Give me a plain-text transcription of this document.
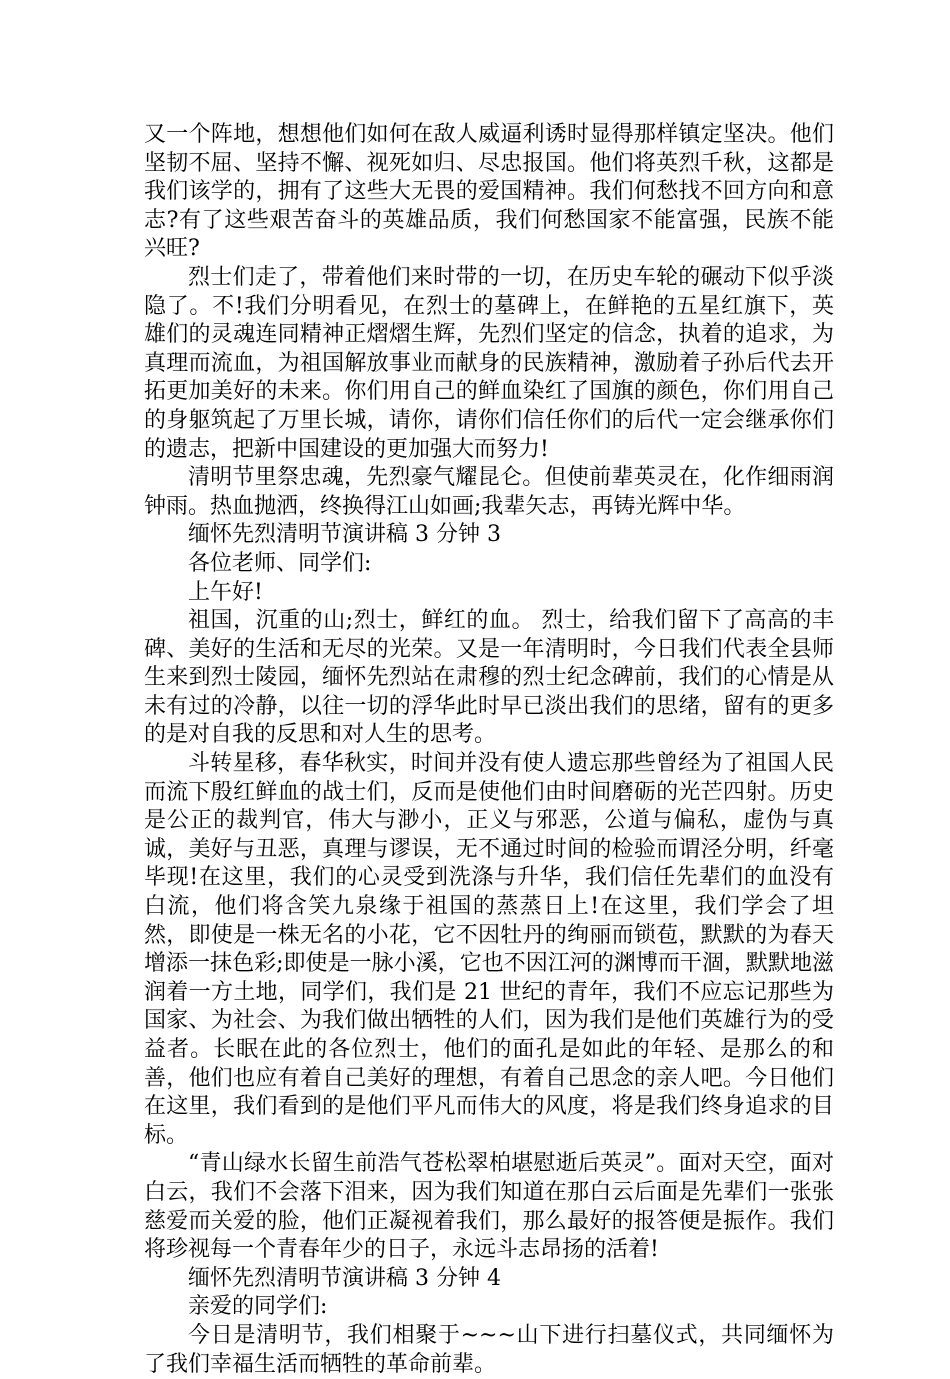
又一个阵地，想想他们如何在敌人威逼利诱时显得那样镇定坚决。他们坚韧不屈、坚持不懈、视死如归、尽忠报国。他们将英烈千秋，这都是我们该学的，拥有了这些大无畏的爱国精神。我们何愁找不回方向和意志?有了这些艰苦奋斗的英雄品质，我们何愁国家不能富强，民族不能兴旺?

烈士们走了，带着他们来时带的一切，在历史车轮的碾动下似乎淡隐了。不!我们分明看见，在烈士的墓碑上，在鲜艳的五星红旗下，英雄们的灵魂连同精神正熠熠生辉，先烈们坚定的信念，执着的追求，为真理而流血，为祖国解放事业而献身的民族精神，激励着子孙后代去开拓更加美好的未来。你们用自己的鲜血染红了国旗的颜色，你们用自己的身躯筑起了万里长城，请你，请你们信任你们的后代一定会继承你们的遗志，把新中国建设的更加强大而努力!

清明节里祭忠魂，先烈豪气耀昆仑。但使前辈英灵在，化作细雨润钟雨。热血抛洒，终换得江山如画;我辈矢志，再铸光辉中华。

缅怀先烈清明节演讲稿 3 分钟 3

各位老师、同学们:

上午好!

祖国，沉重的山;烈士，鲜红的血。 烈士，给我们留下了高高的丰碑、美好的生活和无尽的光荣。又是一年清明时，今日我们代表全县师生来到烈士陵园，缅怀先烈站在肃穆的烈士纪念碑前，我们的心情是从未有过的冷静，以往一切的浮华此时早已淡出我们的思绪，留有的更多的是对自我的反思和对人生的思考。

斗转星移，春华秋实，时间并没有使人遗忘那些曾经为了祖国人民而流下殷红鲜血的战士们，反而是使他们由时间磨砺的光芒四射。历史是公正的裁判官，伟大与渺小，正义与邪恶，公道与偏私，虚伪与真诚，美好与丑恶，真理与谬误，无不通过时间的检验而谓泾分明，纤毫毕现!在这里，我们的心灵受到洗涤与升华，我们信任先辈们的血没有白流，他们将含笑九泉缘于祖国的蒸蒸日上!在这里，我们学会了坦然，即使是一株无名的小花，它不因牡丹的绚丽而锁苞，默默的为春天增添一抹色彩;即使是一脉小溪，它也不因江河的渊博而干涸，默默地滋润着一方土地，同学们，我们是 21 世纪的青年，我们不应忘记那些为国家、为社会、为我们做出牺牲的人们，因为我们是他们英雄行为的受益者。长眠在此的各位烈士，他们的面孔是如此的年轻、是那么的和善，他们也应有着自己美好的理想，有着自己思念的亲人吧。今日他们在这里，我们看到的是他们平凡而伟大的风度，将是我们终身追求的目标。

“青山绿水长留生前浩气苍松翠柏堪慰逝后英灵”。面对天空，面对白云，我们不会落下泪来，因为我们知道在那白云后面是先辈们一张张慈爱而关爱的脸，他们正凝视着我们，那么最好的报答便是振作。我们将珍视每一个青春年少的日子，永远斗志昂扬的活着!

缅怀先烈清明节演讲稿 3 分钟 4

亲爱的同学们:

今日是清明节，我们相聚于~~~山下进行扫墓仪式，共同缅怀为了我们幸福生活而牺牲的革命前辈。
